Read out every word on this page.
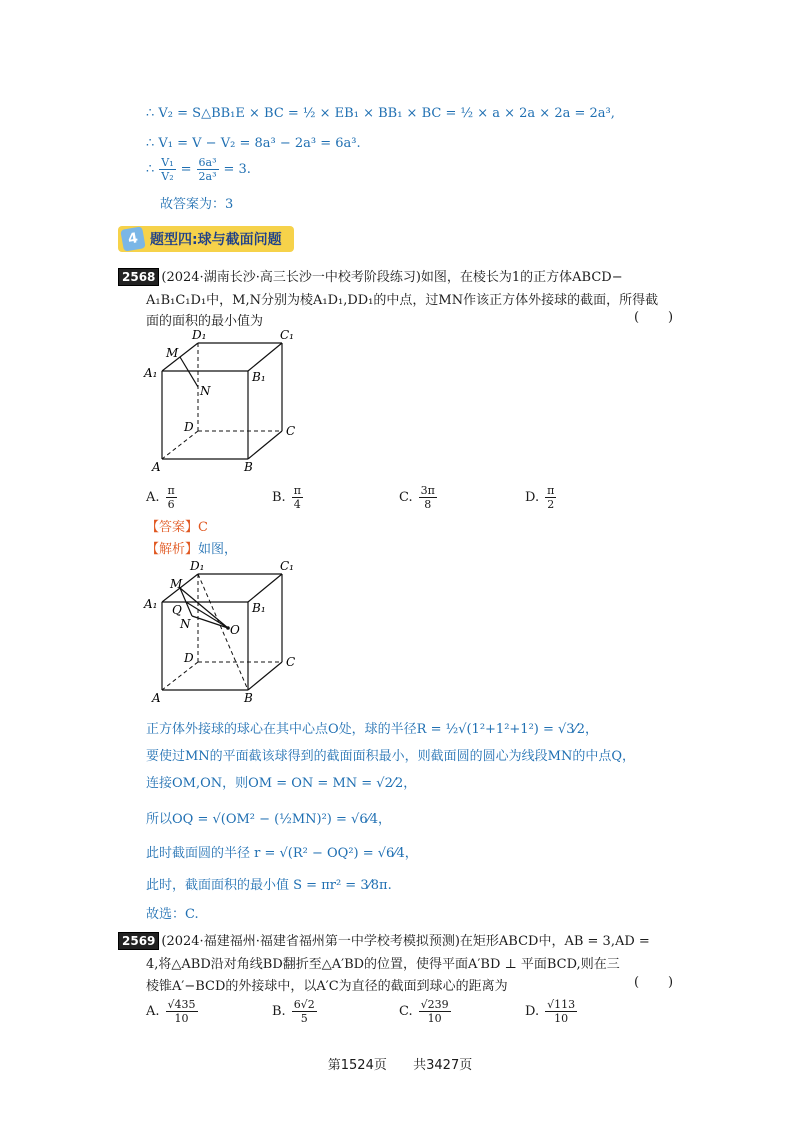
∴ V₂ = S△BB₁E × BC = ½ × EB₁ × BB₁ × BC = ½ × a × 2a × 2a = 2a³,
∴ V₁ = V − V₂ = 8a³ − 2a³ = 6a³.
∴ $\frac{\text{V₁}}{\text{V₂}} = \frac{\text{6a³}}{\text{2a³}} = 3$.
故答案为：3
4 题型四:球与截面问题
2568 (2024·湖南长沙·高三长沙一中校考阶段练习)如图，在棱长为1的正方体ABCD−
A₁B₁C₁D₁中，M,N分别为棱A₁D₁,DD₁的中点，过MN作该正方体外接球的截面，所得截
面的面积的最小值为	(       )
D₁	C₁
M
A₁	B₁
N
D	C
A	B
A. $\frac{\pi}{6}$	B. $\frac{\pi}{4}$	C. $\frac{3\pi}{8}$	D. $\frac{\pi}{2}$
【答案】C
【解析】如图，
D₁	C₁
M
A₁ Q	B₁
N	O
D	C
A	B
正方体外接球的球心在其中心点O处，球的半径R = ½√(1²+1²+1²) = √3⁄2，
要使过MN的平面截该球得到的截面面积最小，则截面圆的圆心为线段MN的中点Q，
连接OM,ON，则OM = ON = MN = √2⁄2，
所以OQ = √(OM² − (½MN)²) = √6⁄4，
此时截面圆的半径 r = √(R² − OQ²) = √6⁄4，
此时，截面面积的最小值 S = πr² = 3⁄8π.
故选：C.
2569 (2024·福建福州·福建省福州第一中学校考模拟预测)在矩形ABCD中，AB = 3,AD =
4,将△ABD沿对角线BD翻折至△A′BD的位置，使得平面A′BD ⊥ 平面BCD,则在三
棱锥A′−BCD的外接球中，以A′C为直径的截面到球心的距离为	(       )
A. $\frac{√435}{10}$	B. $\frac{6√2}{5}$	C. $\frac{√239}{10}$	D. $\frac{√113}{10}$
第1524页 共3427页
